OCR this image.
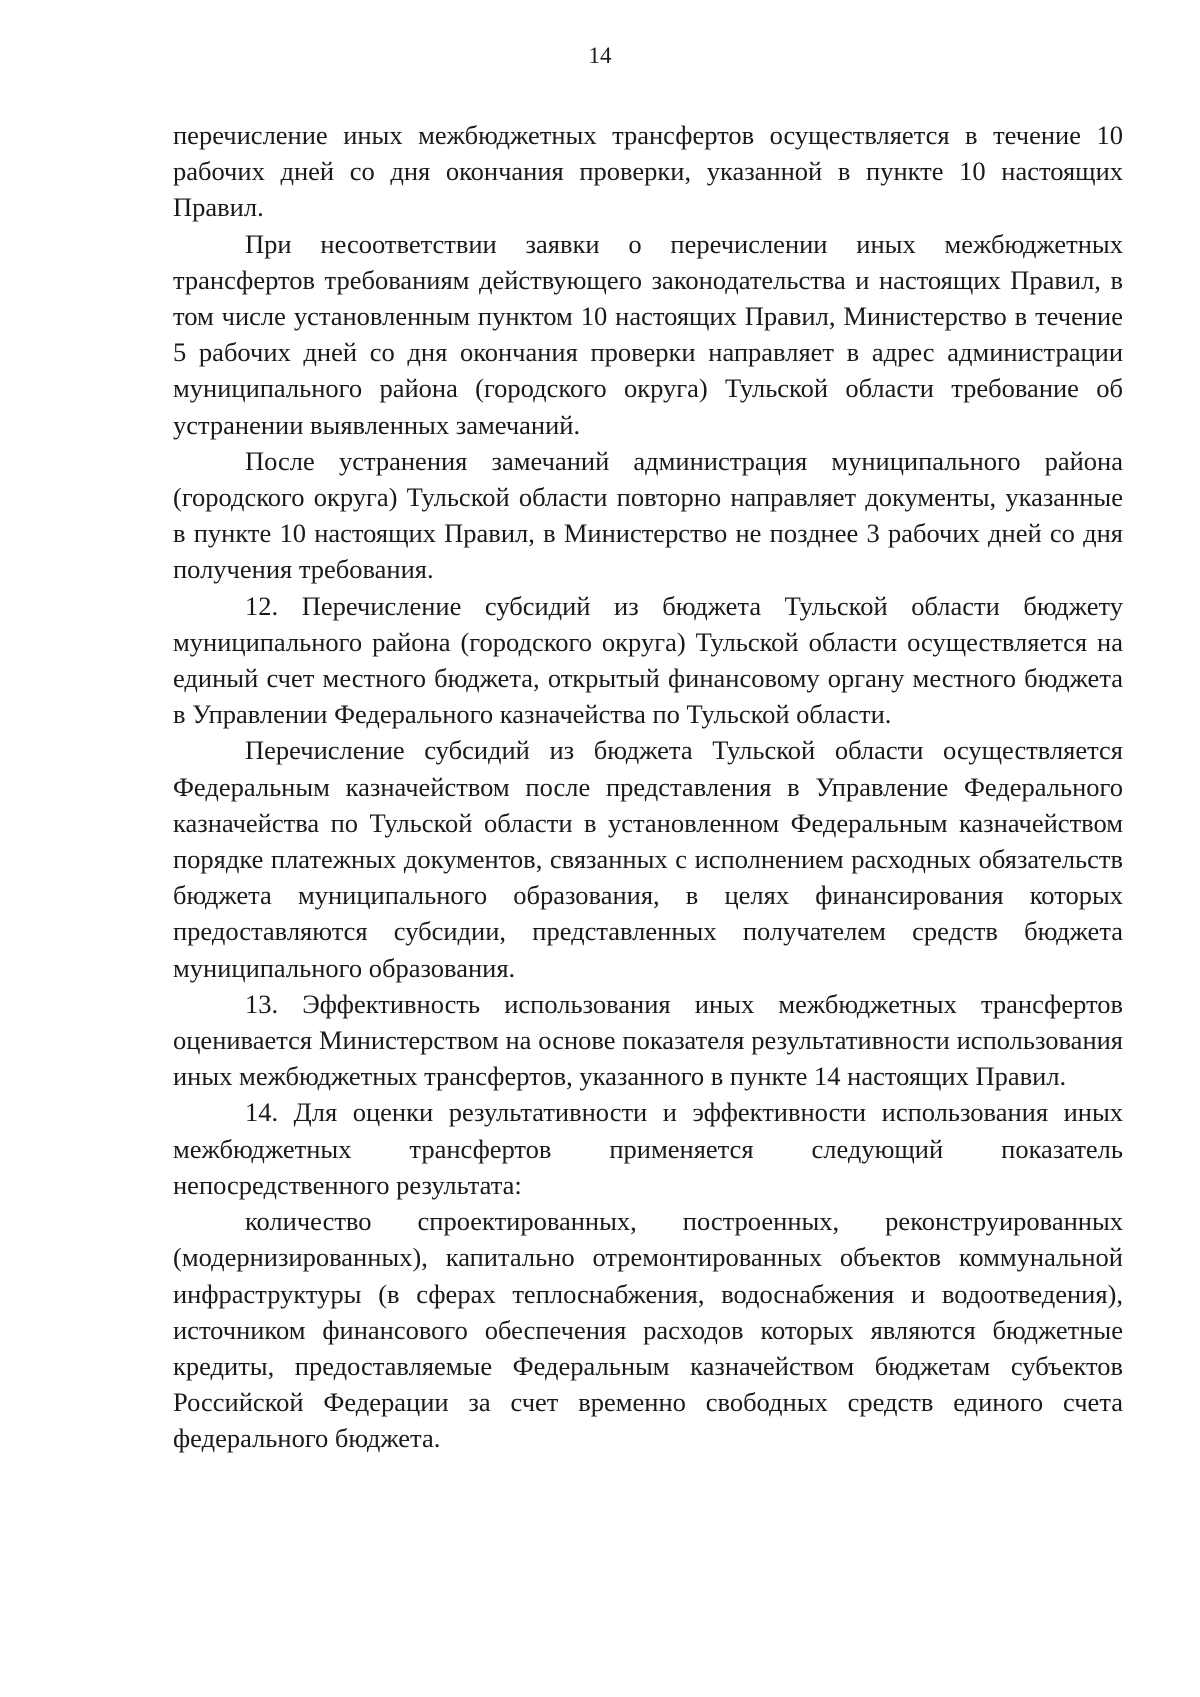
14

перечисление иных межбюджетных трансфертов осуществляется в течение 10 рабочих дней со дня окончания проверки, указанной в пункте 10 настоящих Правил.

При несоответствии заявки о перечислении иных межбюджетных трансфертов требованиям действующего законодательства и настоящих Правил, в том числе установленным пунктом 10 настоящих Правил, Министерство в течение 5 рабочих дней со дня окончания проверки направляет в адрес администрации муниципального района (городского округа) Тульской области требование об устранении выявленных замечаний.

После устранения замечаний администрация муниципального района (городского округа) Тульской области повторно направляет документы, указанные в пункте 10 настоящих Правил, в Министерство не позднее 3 рабочих дней со дня получения требования.

12. Перечисление субсидий из бюджета Тульской области бюджету муниципального района (городского округа) Тульской области осуществляется на единый счет местного бюджета, открытый финансовому органу местного бюджета в Управлении Федерального казначейства по Тульской области.

Перечисление субсидий из бюджета Тульской области осуществляется Федеральным казначейством после представления в Управление Федерального казначейства по Тульской области в установленном Федеральным казначейством порядке платежных документов, связанных с исполнением расходных обязательств бюджета муниципального образования, в целях финансирования которых предоставляются субсидии, представленных получателем средств бюджета муниципального образования.

13. Эффективность использования иных межбюджетных трансфертов оценивается Министерством на основе показателя результативности использования иных межбюджетных трансфертов, указанного в пункте 14 настоящих Правил.

14. Для оценки результативности и эффективности использования иных межбюджетных трансфертов применяется следующий показатель непосредственного результата:

количество спроектированных, построенных, реконструированных (модернизированных), капитально отремонтированных объектов коммунальной инфраструктуры (в сферах теплоснабжения, водоснабжения и водоотведения), источником финансового обеспечения расходов которых являются бюджетные кредиты, предоставляемые Федеральным казначейством бюджетам субъектов Российской Федерации за счет временно свободных средств единого счета федерального бюджета.
